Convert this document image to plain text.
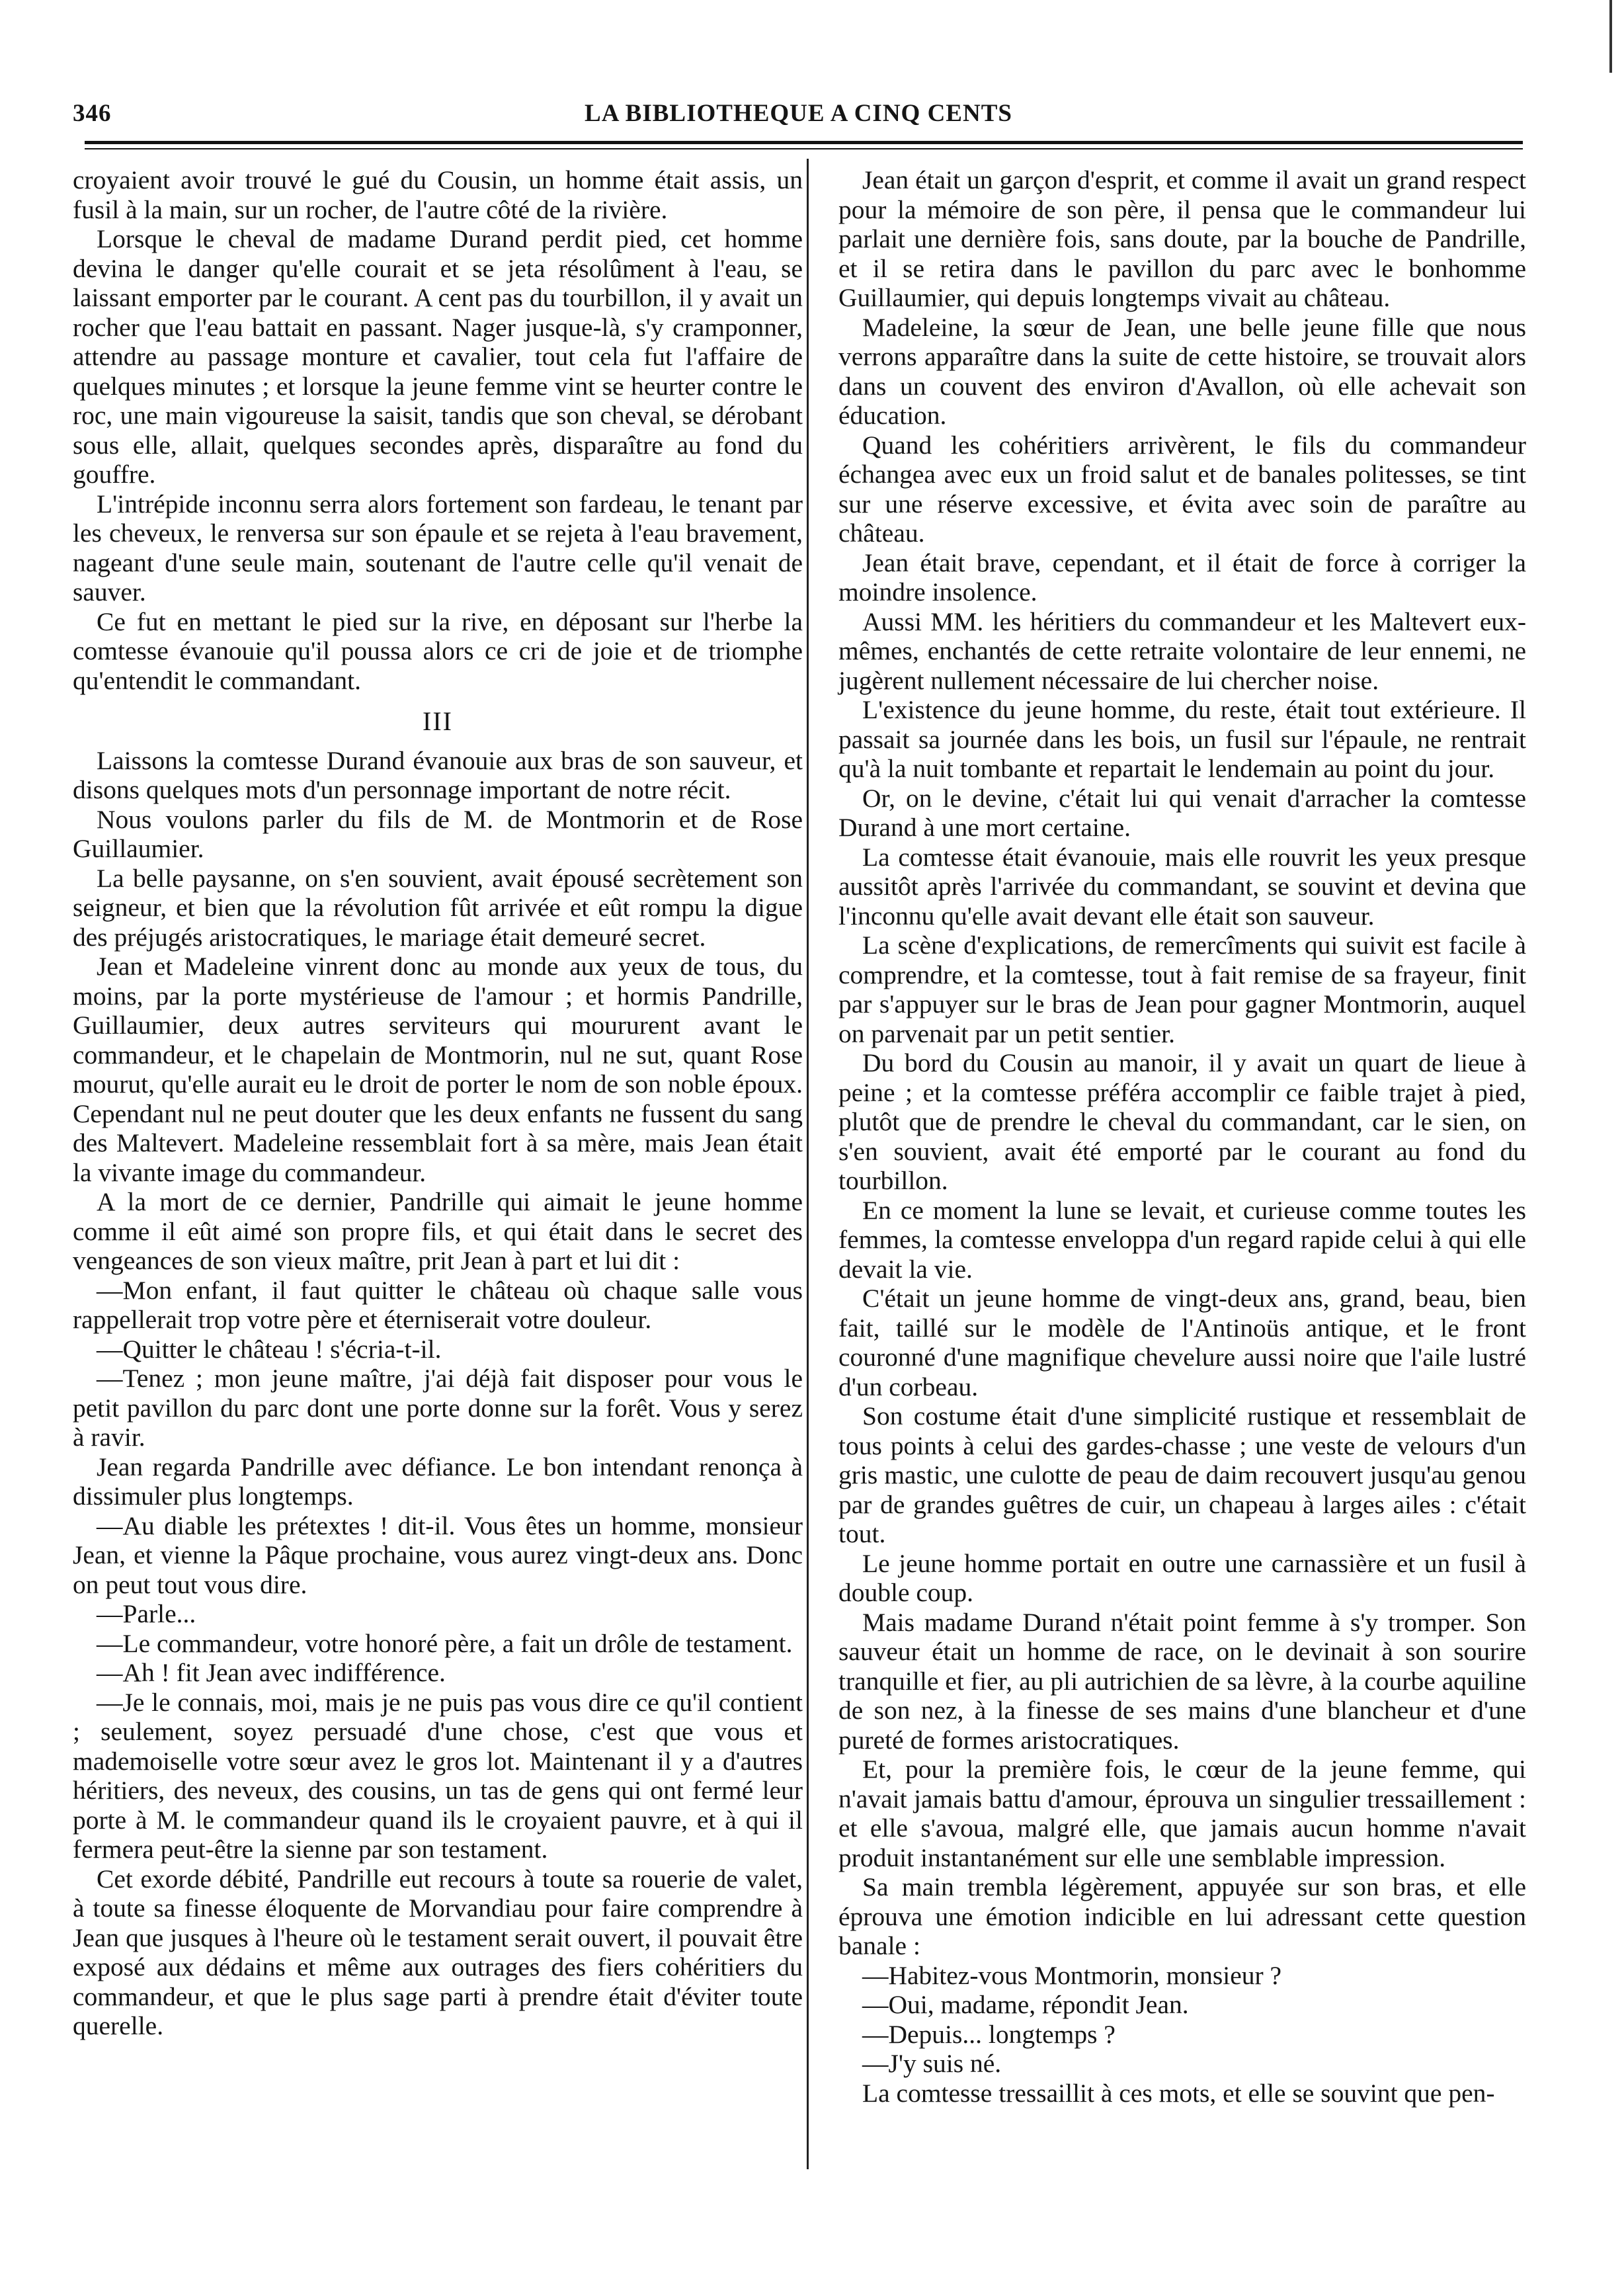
346	LA BIBLIOTHEQUE A CINQ CENTS

croyaient avoir trouvé le gué du Cousin, un homme était assis, un fusil à la main, sur un rocher, de l'autre côté de la rivière.

Lorsque le cheval de madame Durand perdit pied, cet homme devina le danger qu'elle courait et se jeta résolûment à l'eau, se laissant emporter par le courant. A cent pas du tourbillon, il y avait un rocher que l'eau battait en passant. Nager jusque-là, s'y cramponner, attendre au passage monture et cavalier, tout cela fut l'affaire de quelques minutes ; et lorsque la jeune femme vint se heurter contre le roc, une main vigoureuse la saisit, tandis que son cheval, se dérobant sous elle, allait, quelques secondes après, disparaître au fond du gouffre.

L'intrépide inconnu serra alors fortement son fardeau, le tenant par les cheveux, le renversa sur son épaule et se rejeta à l'eau bravement, nageant d'une seule main, soutenant de l'autre celle qu'il venait de sauver.

Ce fut en mettant le pied sur la rive, en déposant sur l'herbe la comtesse évanouie qu'il poussa alors ce cri de joie et de triomphe qu'entendit le commandant.

III

Laissons la comtesse Durand évanouie aux bras de son sauveur, et disons quelques mots d'un personnage important de notre récit.

Nous voulons parler du fils de M. de Montmorin et de Rose Guillaumier.

La belle paysanne, on s'en souvient, avait épousé secrètement son seigneur, et bien que la révolution fût arrivée et eût rompu la digue des préjugés aristocratiques, le mariage était demeuré secret.

Jean et Madeleine vinrent donc au monde aux yeux de tous, du moins, par la porte mystérieuse de l'amour ; et hormis Pandrille, Guillaumier, deux autres serviteurs qui moururent avant le commandeur, et le chapelain de Montmorin, nul ne sut, quant Rose mourut, qu'elle aurait eu le droit de porter le nom de son noble époux. Cependant nul ne peut douter que les deux enfants ne fussent du sang des Maltevert. Madeleine ressemblait fort à sa mère, mais Jean était la vivante image du commandeur.

A la mort de ce dernier, Pandrille qui aimait le jeune homme comme il eût aimé son propre fils, et qui était dans le secret des vengeances de son vieux maître, prit Jean à part et lui dit :

—Mon enfant, il faut quitter le château où chaque salle vous rappellerait trop votre père et éterniserait votre douleur.

—Quitter le château ! s'écria-t-il.

—Tenez ; mon jeune maître, j'ai déjà fait disposer pour vous le petit pavillon du parc dont une porte donne sur la forêt. Vous y serez à ravir.

Jean regarda Pandrille avec défiance. Le bon intendant renonça à dissimuler plus longtemps.

—Au diable les prétextes ! dit-il. Vous êtes un homme, monsieur Jean, et vienne la Pâque prochaine, vous aurez vingt-deux ans. Donc on peut tout vous dire.

—Parle...

—Le commandeur, votre honoré père, a fait un drôle de testament.

—Ah ! fit Jean avec indifférence.

—Je le connais, moi, mais je ne puis pas vous dire ce qu'il contient ; seulement, soyez persuadé d'une chose, c'est que vous et mademoiselle votre sœur avez le gros lot. Maintenant il y a d'autres héritiers, des neveux, des cousins, un tas de gens qui ont fermé leur porte à M. le commandeur quand ils le croyaient pauvre, et à qui il fermera peut-être la sienne par son testament.

Cet exorde débité, Pandrille eut recours à toute sa rouerie de valet, à toute sa finesse éloquente de Morvandiau pour faire comprendre à Jean que jusques à l'heure où le testament serait ouvert, il pouvait être exposé aux dédains et même aux outrages des fiers cohéritiers du commandeur, et que le plus sage parti à prendre était d'éviter toute querelle.

Jean était un garçon d'esprit, et comme il avait un grand respect pour la mémoire de son père, il pensa que le commandeur lui parlait une dernière fois, sans doute, par la bouche de Pandrille, et il se retira dans le pavillon du parc avec le bonhomme Guillaumier, qui depuis longtemps vivait au château.

Madeleine, la sœur de Jean, une belle jeune fille que nous verrons apparaître dans la suite de cette histoire, se trouvait alors dans un couvent des environ d'Avallon, où elle achevait son éducation.

Quand les cohéritiers arrivèrent, le fils du commandeur échangea avec eux un froid salut et de banales politesses, se tint sur une réserve excessive, et évita avec soin de paraître au château.

Jean était brave, cependant, et il était de force à corriger la moindre insolence.

Aussi MM. les héritiers du commandeur et les Maltevert eux-mêmes, enchantés de cette retraite volontaire de leur ennemi, ne jugèrent nullement nécessaire de lui chercher noise.

L'existence du jeune homme, du reste, était tout extérieure. Il passait sa journée dans les bois, un fusil sur l'épaule, ne rentrait qu'à la nuit tombante et repartait le lendemain au point du jour.

Or, on le devine, c'était lui qui venait d'arracher la comtesse Durand à une mort certaine.

La comtesse était évanouie, mais elle rouvrit les yeux presque aussitôt après l'arrivée du commandant, se souvint et devina que l'inconnu qu'elle avait devant elle était son sauveur.

La scène d'explications, de remercîments qui suivit est facile à comprendre, et la comtesse, tout à fait remise de sa frayeur, finit par s'appuyer sur le bras de Jean pour gagner Montmorin, auquel on parvenait par un petit sentier.

Du bord du Cousin au manoir, il y avait un quart de lieue à peine ; et la comtesse préféra accomplir ce faible trajet à pied, plutôt que de prendre le cheval du commandant, car le sien, on s'en souvient, avait été emporté par le courant au fond du tourbillon.

En ce moment la lune se levait, et curieuse comme toutes les femmes, la comtesse enveloppa d'un regard rapide celui à qui elle devait la vie.

C'était un jeune homme de vingt-deux ans, grand, beau, bien fait, taillé sur le modèle de l'Antinoüs antique, et le front couronné d'une magnifique chevelure aussi noire que l'aile lustré d'un corbeau.

Son costume était d'une simplicité rustique et ressemblait de tous points à celui des gardes-chasse ; une veste de velours d'un gris mastic, une culotte de peau de daim recouvert jusqu'au genou par de grandes guêtres de cuir, un chapeau à larges ailes : c'était tout.

Le jeune homme portait en outre une carnassière et un fusil à double coup.

Mais madame Durand n'était point femme à s'y tromper. Son sauveur était un homme de race, on le devinait à son sourire tranquille et fier, au pli autrichien de sa lèvre, à la courbe aquiline de son nez, à la finesse de ses mains d'une blancheur et d'une pureté de formes aristocratiques.

Et, pour la première fois, le cœur de la jeune femme, qui n'avait jamais battu d'amour, éprouva un singulier tressaillement : et elle s'avoua, malgré elle, que jamais aucun homme n'avait produit instantanément sur elle une semblable impression.

Sa main trembla légèrement, appuyée sur son bras, et elle éprouva une émotion indicible en lui adressant cette question banale :

—Habitez-vous Montmorin, monsieur ?

—Oui, madame, répondit Jean.

—Depuis... longtemps ?

—J'y suis né.

La comtesse tressaillit à ces mots, et elle se souvint que pen-
